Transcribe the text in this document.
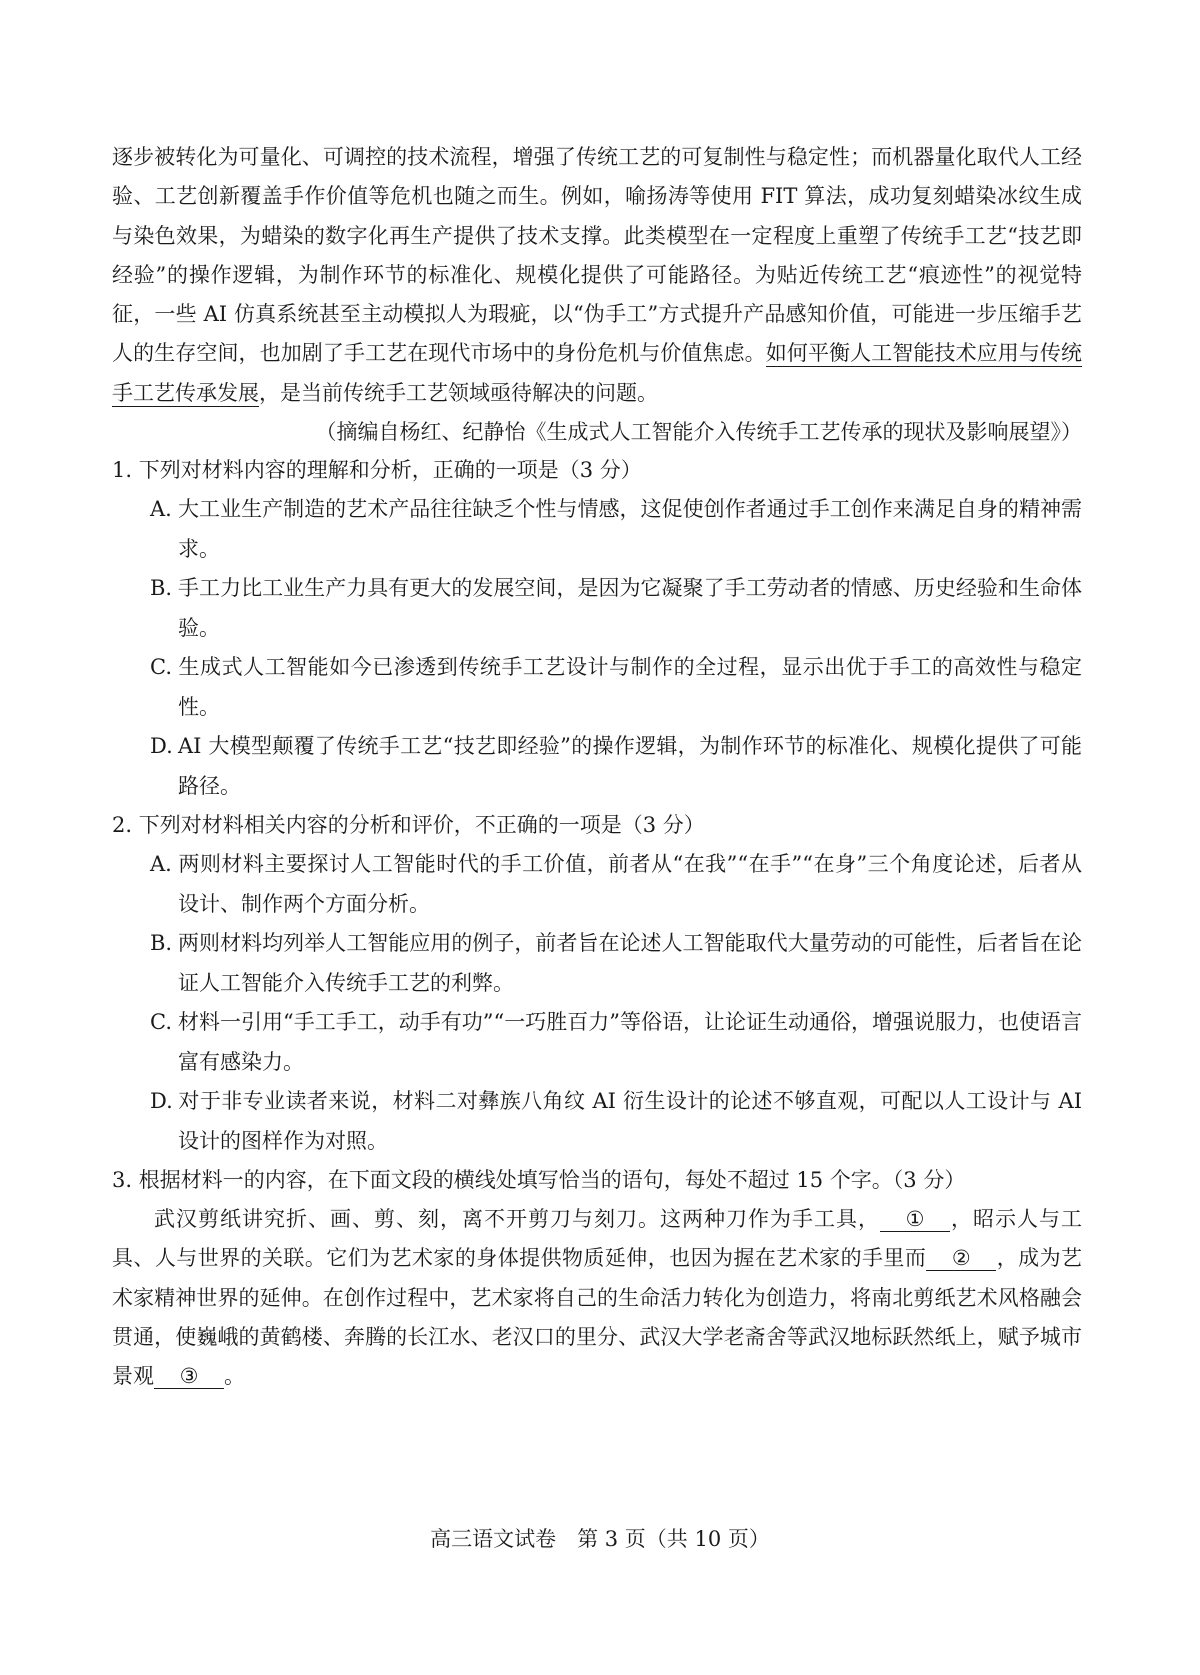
逐步被转化为可量化、可调控的技术流程，增强了传统工艺的可复制性与稳定性；而机器量化取代人工经验、工艺创新覆盖手作价值等危机也随之而生。例如，喻扬涛等使用 FIT 算法，成功复刻蜡染冰纹生成与染色效果，为蜡染的数字化再生产提供了技术支撑。此类模型在一定程度上重塑了传统手工艺“技艺即经验”的操作逻辑，为制作环节的标准化、规模化提供了可能路径。为贴近传统工艺“痕迹性”的视觉特征，一些 AI 仿真系统甚至主动模拟人为瑕疵，以“伪手工”方式提升产品感知价值，可能进一步压缩手艺人的生存空间，也加剧了手工艺在现代市场中的身份危机与价值焦虑。如何平衡人工智能技术应用与传统手工艺传承发展，是当前传统手工艺领域亟待解决的问题。

（摘编自杨红、纪静怡《生成式人工智能介入传统手工艺传承的现状及影响展望》）

1. 下列对材料内容的理解和分析，正确的一项是（3 分）

A. 大工业生产制造的艺术产品往往缺乏个性与情感，这促使创作者通过手工创作来满足自身的精神需求。

B. 手工力比工业生产力具有更大的发展空间，是因为它凝聚了手工劳动者的情感、历史经验和生命体验。

C. 生成式人工智能如今已渗透到传统手工艺设计与制作的全过程，显示出优于手工的高效性与稳定性。

D. AI 大模型颠覆了传统手工艺“技艺即经验”的操作逻辑，为制作环节的标准化、规模化提供了可能路径。

2. 下列对材料相关内容的分析和评价，不正确的一项是（3 分）

A. 两则材料主要探讨人工智能时代的手工价值，前者从“在我”“在手”“在身”三个角度论述，后者从设计、制作两个方面分析。

B. 两则材料均列举人工智能应用的例子，前者旨在论述人工智能取代大量劳动的可能性，后者旨在论证人工智能介入传统手工艺的利弊。

C. 材料一引用“手工手工，动手有功”“一巧胜百力”等俗语，让论证生动通俗，增强说服力，也使语言富有感染力。

D. 对于非专业读者来说，材料二对彝族八角纹 AI 衍生设计的论述不够直观，可配以人工设计与 AI 设计的图样作为对照。

3. 根据材料一的内容，在下面文段的横线处填写恰当的语句，每处不超过 15 个字。（3 分）

武汉剪纸讲究折、画、剪、刻，离不开剪刀与刻刀。这两种刀作为手工具， ① ，昭示人与工具、人与世界的关联。它们为艺术家的身体提供物质延伸，也因为握在艺术家的手里而 ② ，成为艺术家精神世界的延伸。在创作过程中，艺术家将自己的生命活力转化为创造力，将南北剪纸艺术风格融会贯通，使巍峨的黄鹤楼、奔腾的长江水、老汉口的里分、武汉大学老斋舍等武汉地标跃然纸上，赋予城市景观 ③ 。

高三语文试卷　第 3 页（共 10 页）
